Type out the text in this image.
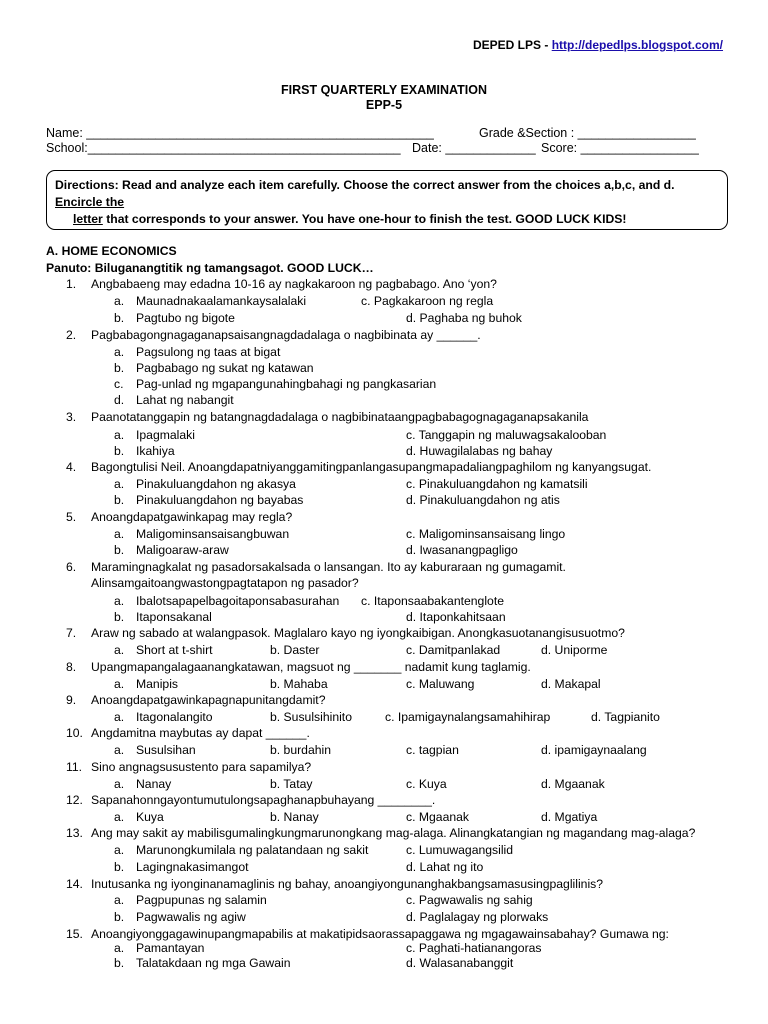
DEPED LPS - http://depedlps.blogspot.com/
FIRST QUARTERLY EXAMINATION
EPP-5
Name: __________________________________________________	Grade &Section : _________________
School:_____________________________________________ Date: _____________ Score: _________________
Directions: Read and analyze each item carefully. Choose the correct answer from the choices a,b,c, and d. Encircle the
letter that corresponds to your answer. You have one-hour to finish the test. GOOD LUCK KIDS!
A. HOME ECONOMICS
Panuto: Biluganangtitik ng tamangsagot. GOOD LUCK…
1. Angbabaeng may edadna 10-16 ay nagkakaroon ng pagbabago. Ano ‘yon?
a. Maunadnakaalamankaysalalaki	c. Pagkakaroon ng regla
b. Pagtubo ng bigote	d. Paghaba ng buhok
2. Pagbabagongnagaganapsaisangnagdadalaga o nagbibinata ay ______.
a. Pagsulong ng taas at bigat
b. Pagbabago ng sukat ng katawan
c. Pag-unlad ng mgapangunahingbahagi ng pangkasarian
d. Lahat ng nabangit
3. Paanotatanggapin ng batangnagdadalaga o nagbibinataangpagbabagognagaganapsakanila
a. Ipagmalaki	c. Tanggapin ng maluwagsakalooban
b. Ikahiya	d. Huwagilalabas ng bahay
4. Bagongtulisi Neil. Anoangdapatniyanggamitingpanlangasupangmapadaliangpaghilom ng kanyangsugat.
a. Pinakuluangdahon ng akasya	c. Pinakuluangdahon ng kamatsili
b. Pinakuluangdahon ng bayabas	d. Pinakuluangdahon ng atis
5. Anoangdapatgawinkapag may regla?
a. Maligominsansaisangbuwan	c. Maligominsansaisang lingo
b. Maligoaraw-araw	d. Iwasanangpagligo
6. Maramingnagkalat ng pasadorsakalsada o lansangan. Ito ay kaburaraan ng gumagamit.
Alinsamgaitoangwastongpagtatapon ng pasador?
a. Ibalotsapapelbagoitaponsabasurahan c. Itaponsaabakantenglote
b. Itaponsakanal	d. Itaponkahitsaan
7. Araw ng sabado at walangpasok. Maglalaro kayo ng iyongkaibigan. Anongkasuotanangisusuotmo?
a. Short at t-shirt	b. Daster	c. Damitpanlakad	d. Uniporme
8. Upangmapangalagaanangkatawan, magsuot ng _______ nadamit kung taglamig.
a. Manipis	b. Mahaba	c. Maluwang	d. Makapal
9. Anoangdapatgawinkapagnapunitangdamit?
a. Itagonalangito	b. Susulsihinito	c. Ipamigaynalangsamahihirap	d. Tagpianito
10. Angdamitna maybutas ay dapat ______.
a. Susulsihan	b. burdahin	c. tagpian	d. ipamigaynaalang
11. Sino angnagsusustento para sapamilya?
a. Nanay	b. Tatay	c. Kuya	d. Mgaanak
12. Sapanahonngayontumutulongsapaghanapbuhayang ________.
a. Kuya	b. Nanay	c. Mgaanak	d. Mgatiya
13. Ang may sakit ay mabilisgumalingkungmarunongkang mag-alaga. Alinangkatangian ng magandang mag-alaga?
a. Marunongkumilala ng palatandaan ng sakit	c. Lumuwagangsilid
b. Lagingnakasimangot	d. Lahat ng ito
14. Inutusanka ng iyonginanamaglinis ng bahay, anoangiyongunanghakbangsamasusingpaglilinis?
a. Pagpupunas ng salamin	c. Pagwawalis ng sahig
b. Pagwawalis ng agiw	d. Paglalagay ng plorwaks
15. Anoangiyonggagawinupangmapabilis at makatipidsaorassapaggawa ng mgagawainsabahay? Gumawa ng:
a. Pamantayan	c. Paghati-hatianangoras
b. Talatakdaan ng mga Gawain	d. Walasanabanggit
